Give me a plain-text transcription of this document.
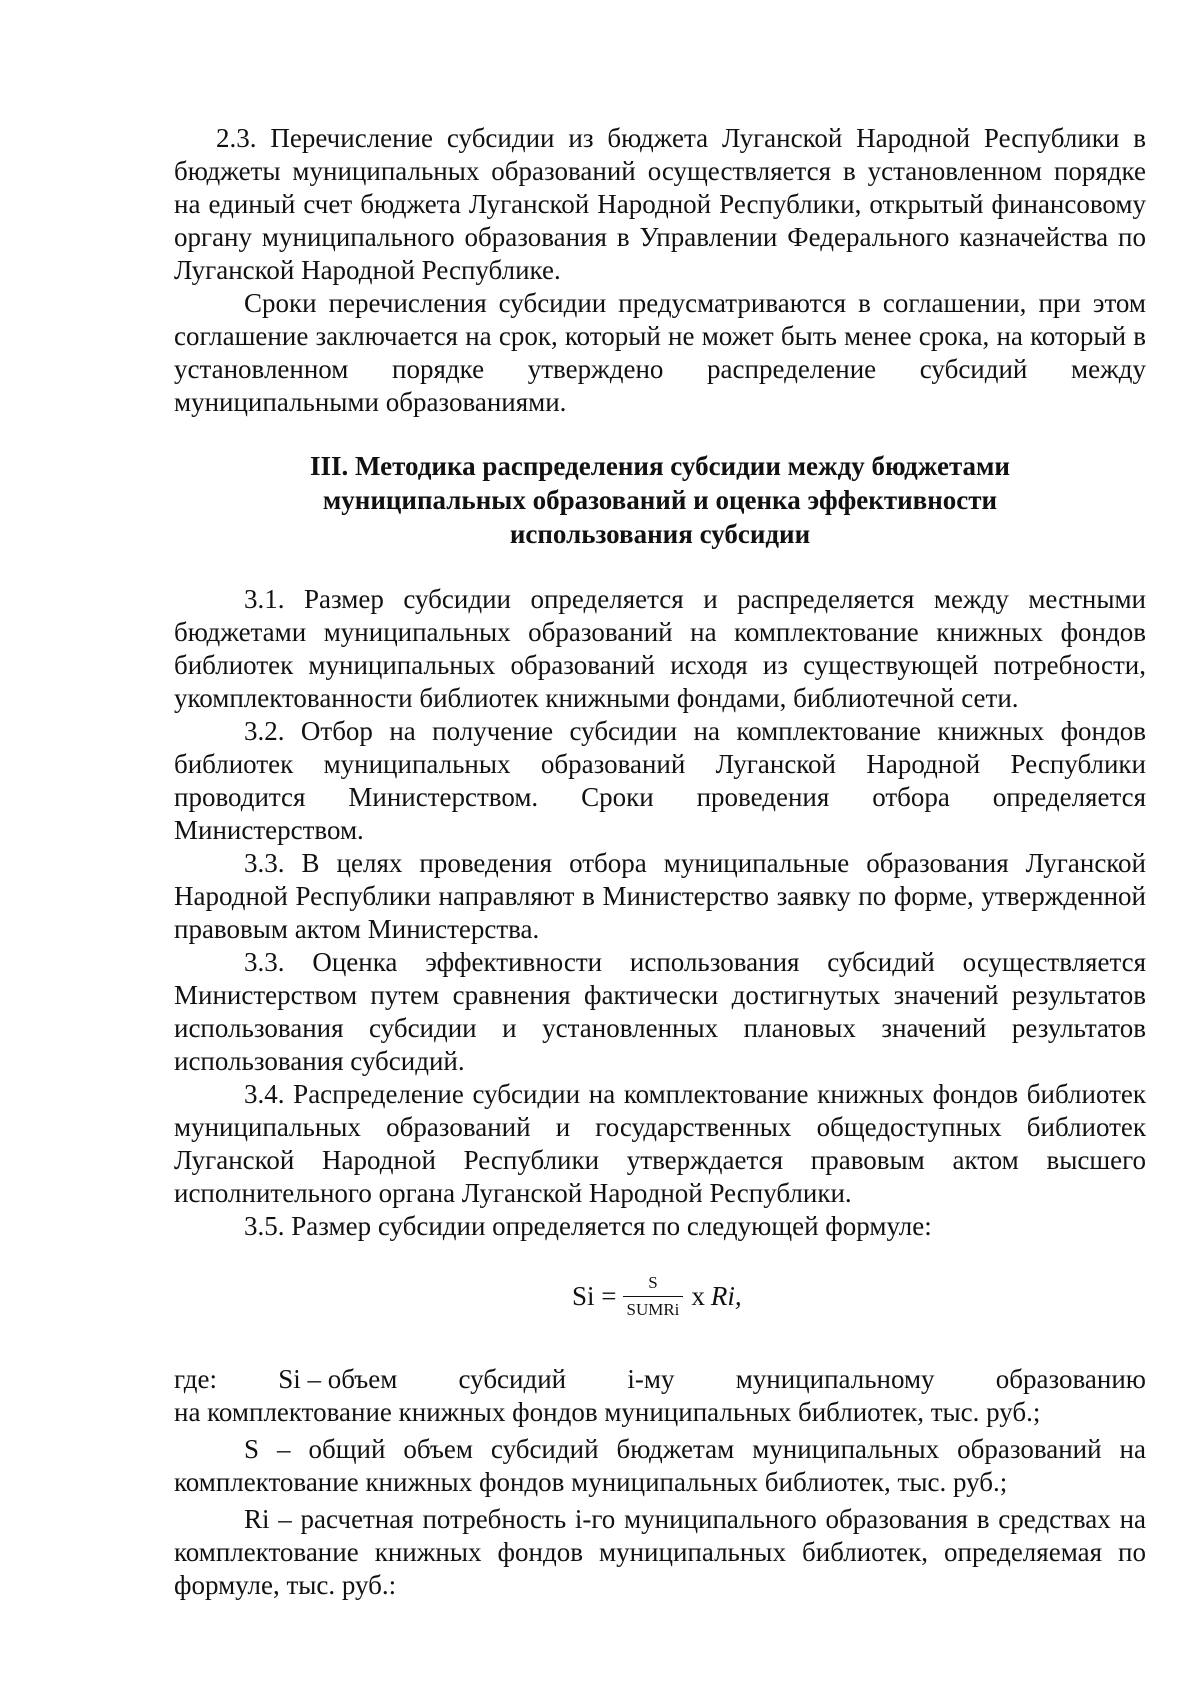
2.3. Перечисление субсидии из бюджета Луганской Народной Республики в бюджеты муниципальных образований осуществляется в установленном порядке на единый счет бюджета Луганской Народной Республики, открытый финансовому органу муниципального образования в Управлении Федерального казначейства по Луганской Народной Республике.

Сроки перечисления субсидии предусматриваются в соглашении, при этом соглашение заключается на срок, который не может быть менее срока, на который в установленном порядке утверждено распределение субсидий между муниципальными образованиями.

III. Методика распределения субсидии между бюджетами
муниципальных образований и оценка эффективности
использования субсидии

3.1. Размер субсидии определяется и распределяется между местными бюджетами муниципальных образований на комплектование книжных фондов библиотек муниципальных образований исходя из существующей потребности, укомплектованности библиотек книжными фондами, библиотечной сети.

3.2. Отбор на получение субсидии на комплектование книжных фондов библиотек муниципальных образований Луганской Народной Республики проводится Министерством. Сроки проведения отбора определяется Министерством.

3.3. В целях проведения отбора муниципальные образования Луганской Народной Республики направляют в Министерство заявку по форме, утвержденной правовым актом Министерства.

3.3. Оценка эффективности использования субсидий осуществляется Министерством путем сравнения фактически достигнутых значений результатов использования субсидии и установленных плановых значений результатов использования субсидий.

3.4. Распределение субсидии на комплектование книжных фондов библиотек муниципальных образований и государственных общедоступных библиотек Луганской Народной Республики утверждается правовым актом высшего исполнительного органа Луганской Народной Республики.

3.5. Размер субсидии определяется по следующей формуле:

$Si = \frac{S}{\text{SUMRi}}$ x Ri,
где: Si – объем субсидий i-му муниципальному образованию

на комплектование книжных фондов муниципальных библиотек, тыс. руб.;

S – общий объем субсидий бюджетам муниципальных образований на комплектование книжных фондов муниципальных библиотек, тыс. руб.;

Ri – расчетная потребность i-го муниципального образования в средствах на комплектование книжных фондов муниципальных библиотек, определяемая по формуле, тыс. руб.:
